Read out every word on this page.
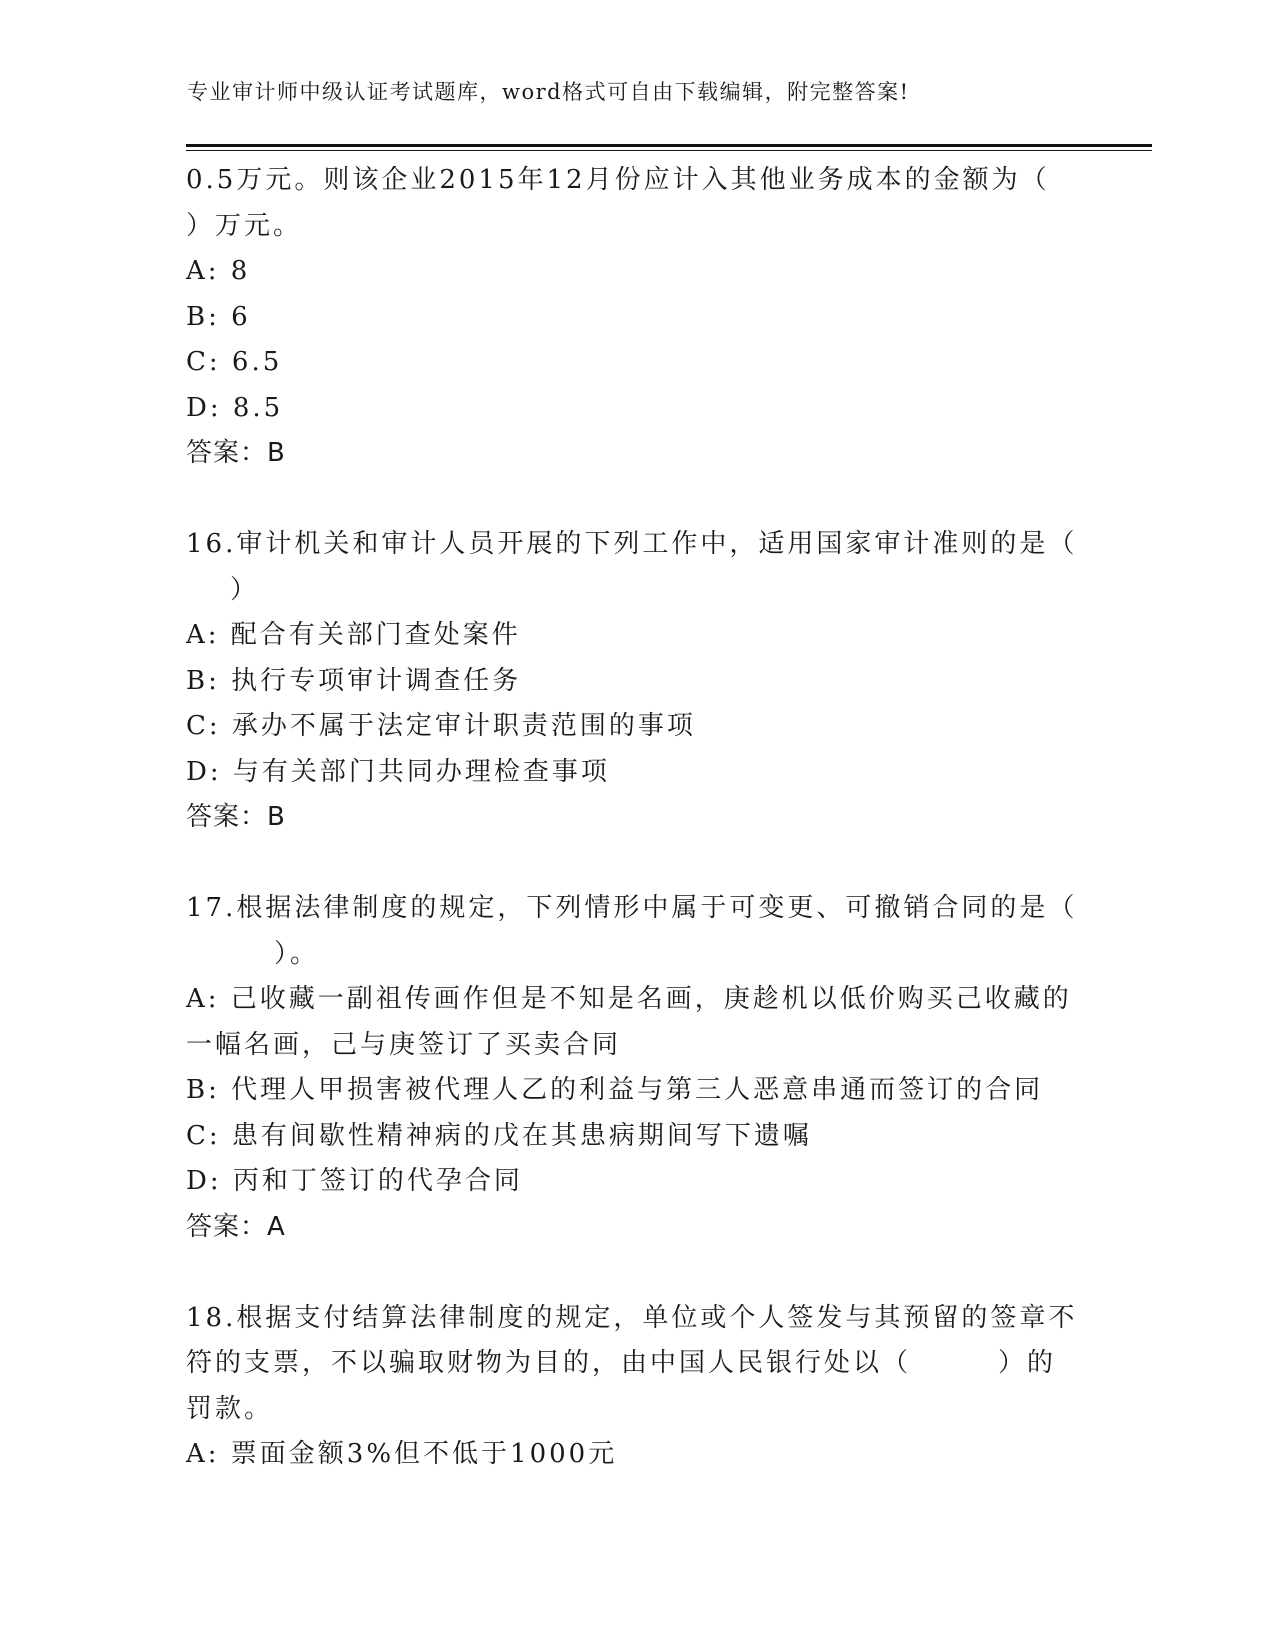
专业审计师中级认证考试题库，word格式可自由下载编辑，附完整答案!
0.5万元。则该企业2015年12月份应计入其他业务成本的金额为（
）万元。
A: 8
B: 6
C: 6.5
D: 8.5
答案：B
16.审计机关和审计人员开展的下列工作中，适用国家审计准则的是（
）
A: 配合有关部门查处案件
B: 执行专项审计调查任务
C: 承办不属于法定审计职责范围的事项
D: 与有关部门共同办理检查事项
答案：B
17.根据法律制度的规定，下列情形中属于可变更、可撤销合同的是（
）。
A: 己收藏一副祖传画作但是不知是名画，庚趁机以低价购买己收藏的
一幅名画，己与庚签订了买卖合同
B: 代理人甲损害被代理人乙的利益与第三人恶意串通而签订的合同
C: 患有间歇性精神病的戊在其患病期间写下遗嘱
D: 丙和丁签订的代孕合同
答案：A
18.根据支付结算法律制度的规定，单位或个人签发与其预留的签章不
符的支票，不以骗取财物为目的，由中国人民银行处以（　　　）的
罚款。
A: 票面金额3%但不低于1000元
